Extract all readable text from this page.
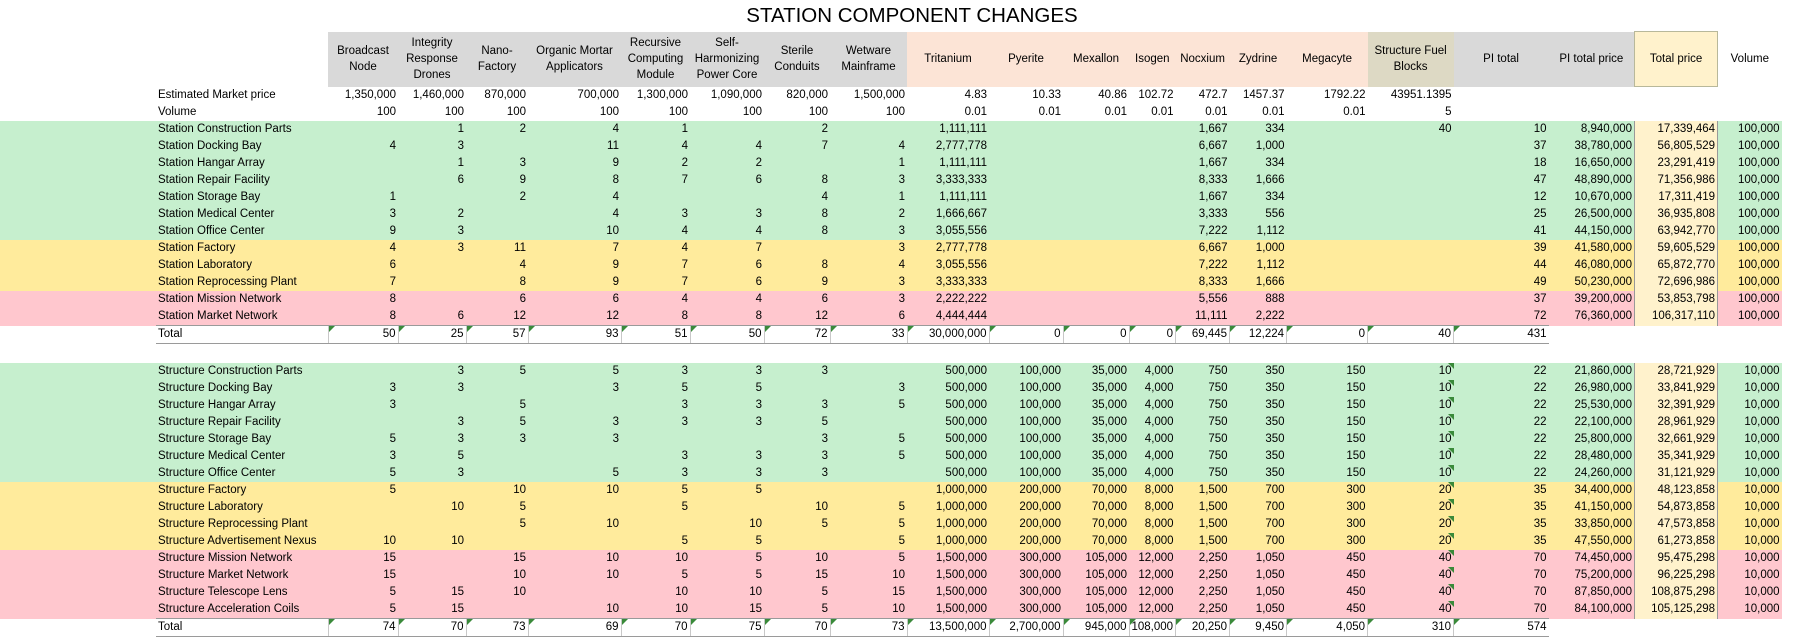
STATION COMPONENT CHANGES
		Broadcast Node	Integrity Response Drones	Nano-Factory	Organic Mortar Applicators	Recursive Computing Module	Self-Harmonizing Power Core	Sterile Conduits	Wetware Mainframe	Tritanium	Pyerite	Mexallon	Isogen	Nocxium	Zydrine	Megacyte	Structure Fuel Blocks	PI total	PI total price	Total price	Volume
	Estimated Market price	1,350,000	1,460,000	870,000	700,000	1,300,000	1,090,000	820,000	1,500,000	4.83	10.33	40.86	102.72	472.7	1457.37	1792.22	43951.1395				
	Volume	100	100	100	100	100	100	100	100	0.01	0.01	0.01	0.01	0.01	0.01	0.01	5				
	Station Construction Parts		1	2	4	1		2		1,111,111				1,667	334		40	10	8,940,000	17,339,464	100,000
	Station Docking Bay	4	3		11	4	4	7	4	2,777,778				6,667	1,000			37	38,780,000	56,805,529	100,000
	Station Hangar Array		1	3	9	2	2		1	1,111,111				1,667	334			18	16,650,000	23,291,419	100,000
	Station Repair Facility		6	9	8	7	6	8	3	3,333,333				8,333	1,666			47	48,890,000	71,356,986	100,000
	Station Storage Bay	1		2	4			4	1	1,111,111				1,667	334			12	10,670,000	17,311,419	100,000
	Station Medical Center	3	2		4	3	3	8	2	1,666,667				3,333	556			25	26,500,000	36,935,808	100,000
	Station Office Center	9	3		10	4	4	8	3	3,055,556				7,222	1,112			41	44,150,000	63,942,770	100,000
	Station Factory	4	3	11	7	4	7		3	2,777,778				6,667	1,000			39	41,580,000	59,605,529	100,000
	Station Laboratory	6		4	9	7	6	8	4	3,055,556				7,222	1,112			44	46,080,000	65,872,770	100,000
	Station Reprocessing Plant	7		8	9	7	6	9	3	3,333,333				8,333	1,666			49	50,230,000	72,696,986	100,000
	Station Mission Network	8		6	6	4	4	6	3	2,222,222				5,556	888			37	39,200,000	53,853,798	100,000
	Station Market Network	8	6	12	12	8	8	12	6	4,444,444				11,111	2,222			72	76,360,000	106,317,110	100,000
	Total	50	25	57	93	51	50	72	33	30,000,000	0	0	0	69,445	12,224	0	40	431			

	Structure Construction Parts		3	5	5	3	3	3		500,000	100,000	35,000	4,000	750	350	150	10	22	21,860,000	28,721,929	10,000
	Structure Docking Bay	3	3		3	5	5		3	500,000	100,000	35,000	4,000	750	350	150	10	22	26,980,000	33,841,929	10,000
	Structure Hangar Array	3		5		3	3	3	5	500,000	100,000	35,000	4,000	750	350	150	10	22	25,530,000	32,391,929	10,000
	Structure Repair Facility		3	5	3	3	3	5		500,000	100,000	35,000	4,000	750	350	150	10	22	22,100,000	28,961,929	10,000
	Structure Storage Bay	5	3	3	3			3	5	500,000	100,000	35,000	4,000	750	350	150	10	22	25,800,000	32,661,929	10,000
	Structure Medical Center	3	5			3	3	3	5	500,000	100,000	35,000	4,000	750	350	150	10	22	28,480,000	35,341,929	10,000
	Structure Office Center	5	3		5	3	3	3		500,000	100,000	35,000	4,000	750	350	150	10	22	24,260,000	31,121,929	10,000
	Structure Factory	5		10	10	5	5			1,000,000	200,000	70,000	8,000	1,500	700	300	20	35	34,400,000	48,123,858	10,000
	Structure Laboratory		10	5		5		10	5	1,000,000	200,000	70,000	8,000	1,500	700	300	20	35	41,150,000	54,873,858	10,000
	Structure Reprocessing Plant			5	10		10	5	5	1,000,000	200,000	70,000	8,000	1,500	700	300	20	35	33,850,000	47,573,858	10,000
	Structure Advertisement Nexus	10	10			5	5		5	1,000,000	200,000	70,000	8,000	1,500	700	300	20	35	47,550,000	61,273,858	10,000
	Structure Mission Network	15		15	10	10	5	10	5	1,500,000	300,000	105,000	12,000	2,250	1,050	450	40	70	74,450,000	95,475,298	10,000
	Structure Market Network	15		10	10	5	5	15	10	1,500,000	300,000	105,000	12,000	2,250	1,050	450	40	70	75,200,000	96,225,298	10,000
	Structure Telescope Lens	5	15	10		10	10	5	15	1,500,000	300,000	105,000	12,000	2,250	1,050	450	40	70	87,850,000	108,875,298	10,000
	Structure Acceleration Coils	5	15		10	10	15	5	10	1,500,000	300,000	105,000	12,000	2,250	1,050	450	40	70	84,100,000	105,125,298	10,000
	Total	74	70	73	69	70	75	70	73	13,500,000	2,700,000	945,000	108,000	20,250	9,450	4,050	310	574			
